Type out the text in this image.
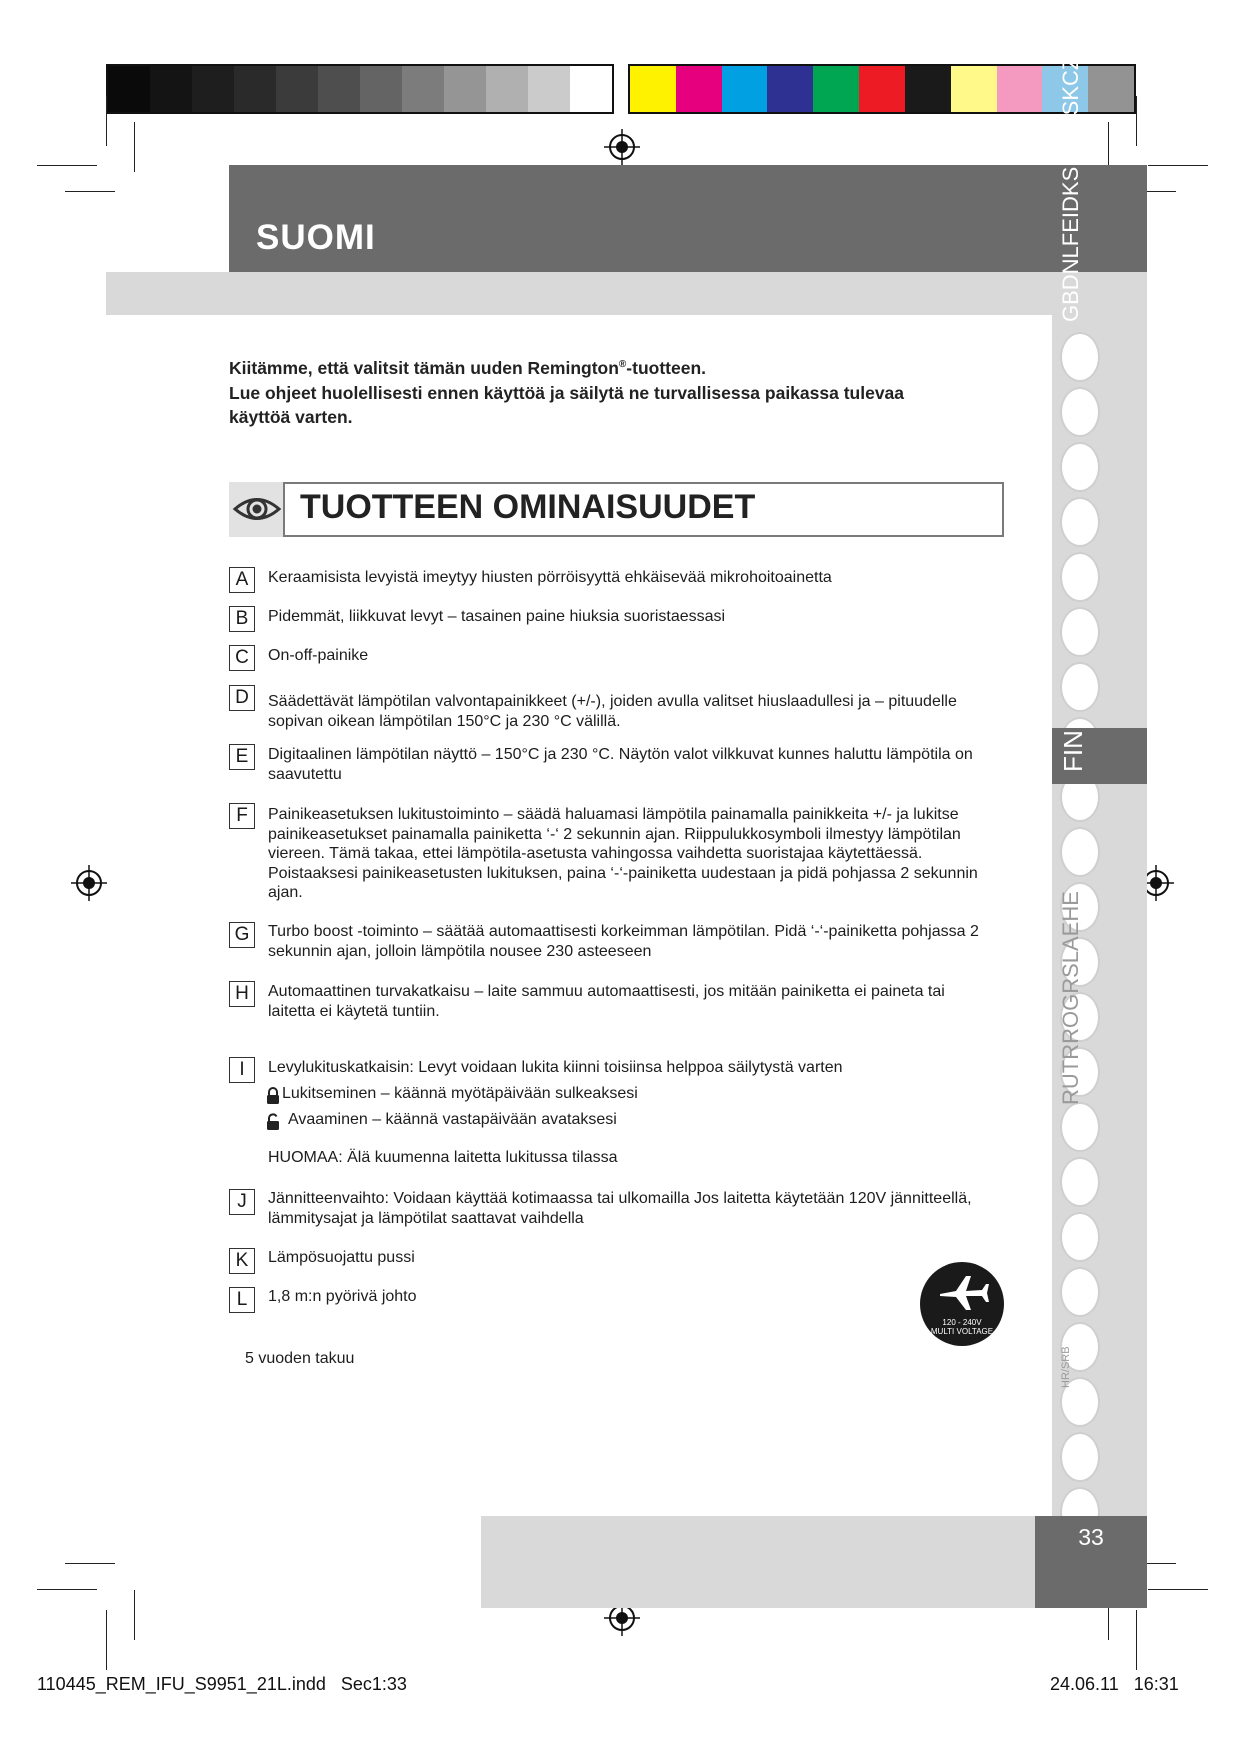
SUOMI	GBDNLFEIDKS
PSKCZ
FIN
RUTRROGRSLAEHE
HR/SRB
33
Kiitämme, että valitsit tämän uuden Remington®-tuotteen.
Lue ohjeet huolellisesti ennen käyttöä ja säilytä ne turvallisessa paikassa tulevaa
käyttöä varten.
TUOTTEEN OMINAISUUDET
A	Keraamisista levyistä imeytyy hiusten pörröisyyttä ehkäisevää mikrohoitoainetta
B	Pidemmät, liikkuvat levyt – tasainen paine hiuksia suoristaessasi
C	On-off-painike
D	Säädettävät lämpötilan valvontapainikkeet (+/-), joiden avulla valitset hiuslaadullesi ja – pituudelle sopivan oikean lämpötilan 150°C ja 230 °C välillä.
E	Digitaalinen lämpötilan näyttö – 150°C ja 230 °C. Näytön valot vilkkuvat kunnes haluttu lämpötila on saavutettu
F	Painikeasetuksen lukitustoiminto – säädä haluamasi lämpötila painamalla painikkeita +/- ja lukitse painikeasetukset painamalla painiketta ‘-‘ 2 sekunnin ajan. Riippulukkosymboli ilmestyy lämpötilan viereen. Tämä takaa, ettei lämpötila-asetusta vahingossa vaihdetta suoristajaa käytettäessä. Poistaaksesi painikeasetusten lukituksen, paina ‘-‘-painiketta uudestaan ja pidä pohjassa 2 sekunnin ajan.
G	Turbo boost -toiminto – säätää automaattisesti korkeimman lämpötilan. Pidä ‘-‘-painiketta pohjassa 2 sekunnin ajan, jolloin lämpötila nousee 230 asteeseen
H	Automaattinen turvakatkaisu – laite sammuu automaattisesti, jos mitään painiketta ei paineta tai laitetta ei käytetä tuntiin.
I	Levylukituskatkaisin: Levyt voidaan lukita kiinni toisiinsa helppoa säilytystä varten
Lukitseminen – käännä myötäpäivään sulkeaksesi
Avaaminen – käännä vastapäivään avataksesi
HUOMAA: Älä kuumenna laitetta lukitussa tilassa
J	Jännitteenvaihto: Voidaan käyttää kotimaassa tai ulkomailla Jos laitetta käytetään 120V jännitteellä, lämmitysajat ja lämpötilat saattavat vaihdella
K	Lämpösuojattu pussi
L	1,8 m:n pyörivä johto
120 - 240V
MULTI VOLTAGE
5 vuoden takuu
110445_REM_IFU_S9951_21L.indd   Sec1:33	24.06.11   16:31
